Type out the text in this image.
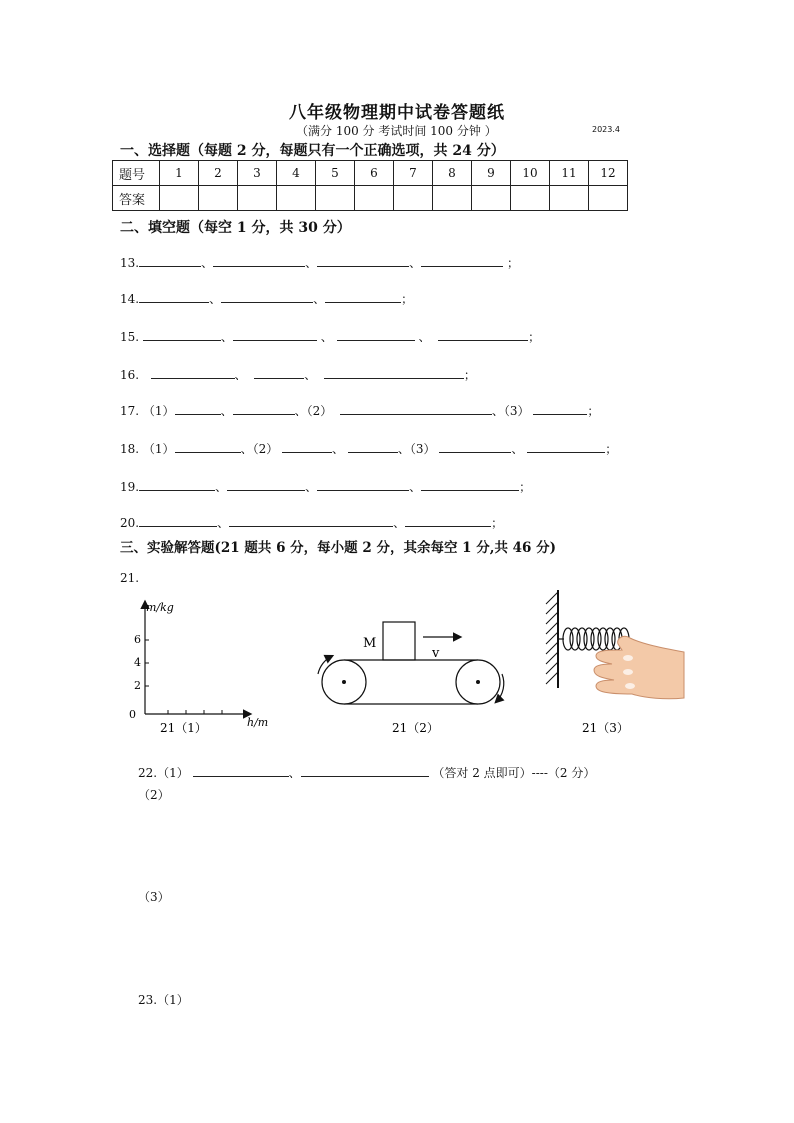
八年级物理期中试卷答题纸
（满分 100 分 考试时间 100 分钟 ）	2023.4
一、选择题（每题 2 分，每题只有一个正确选项，共 24 分）
题号	1	2	3	4	5	6	7	8	9	10	11	12
答案												
二、填空题（每空 1 分，共 30 分）
13.	、	、	、	；
14.	、	、	；
15.	、	、	、	；
16.	、	、	；
17. （1）	、	、（2）	、（3）	；
18. （1）	、（2）	、	、（3）	、	；
19.	、	、	、	；
20.	、	、	；
三、实验解答题(21 题共 6 分，每小题 2 分，其余每空 1 分,共 46 分)
21.
m/kg
0
2
4
6
h/m
21（1）
M
v
21（2）	21（3）
22.（1）	、	（答对 2 点即可）----（2 分）
（2）
（3）
23.（1）
